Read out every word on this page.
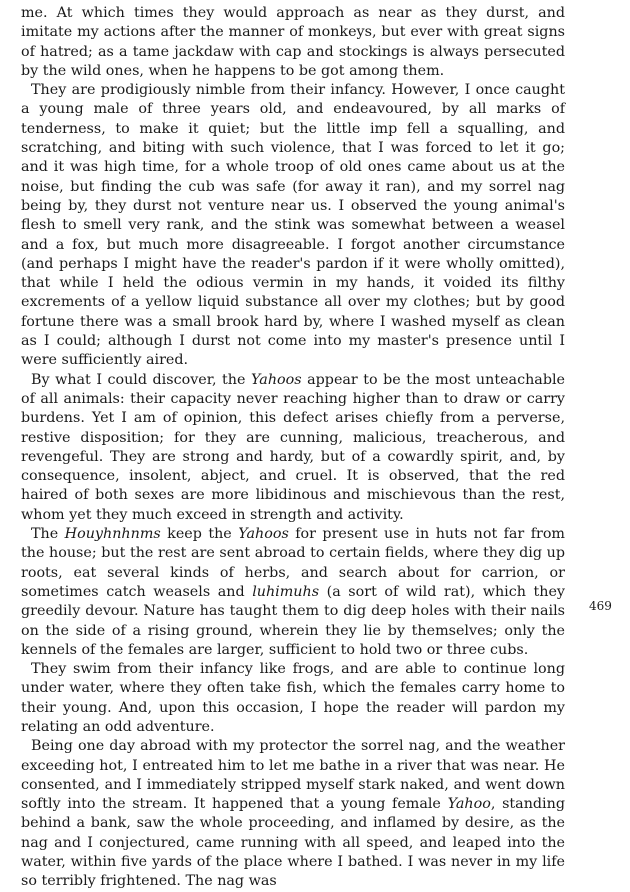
me. At which times they would approach as near as they durst, and imitate my actions after the manner of monkeys, but ever with great signs of hatred; as a tame jackdaw with cap and stockings is always persecuted by the wild ones, when he happens to be got among them.

They are prodigiously nimble from their infancy. However, I once caught a young male of three years old, and endeavoured, by all marks of tenderness, to make it quiet; but the little imp fell a squalling, and scratching, and biting with such violence, that I was forced to let it go; and it was high time, for a whole troop of old ones came about us at the noise, but finding the cub was safe (for away it ran), and my sorrel nag being by, they durst not venture near us. I observed the young animal's flesh to smell very rank, and the stink was somewhat between a weasel and a fox, but much more disagreeable. I forgot another circumstance (and perhaps I might have the reader's pardon if it were wholly omitted), that while I held the odious vermin in my hands, it voided its filthy excrements of a yellow liquid substance all over my clothes; but by good fortune there was a small brook hard by, where I washed myself as clean as I could; although I durst not come into my master's presence until I were sufficiently aired.

By what I could discover, the Yahoos appear to be the most unteachable of all animals: their capacity never reaching higher than to draw or carry burdens. Yet I am of opinion, this defect arises chiefly from a perverse, restive disposition; for they are cunning, malicious, treacherous, and revengeful. They are strong and hardy, but of a cowardly spirit, and, by consequence, insolent, abject, and cruel. It is observed, that the red haired of both sexes are more libidinous and mischievous than the rest, whom yet they much exceed in strength and activity.

The Houyhnhnms keep the Yahoos for present use in huts not far from the house; but the rest are sent abroad to certain fields, where they dig up roots, eat several kinds of herbs, and search about for carrion, or sometimes catch weasels and luhimuhs (a sort of wild rat), which they greedily devour. Nature has taught them to dig deep holes with their nails on the side of a rising ground, wherein they lie by themselves; only the kennels of the females are larger, sufficient to hold two or three cubs.

They swim from their infancy like frogs, and are able to continue long under water, where they often take fish, which the females carry home to their young. And, upon this occasion, I hope the reader will pardon my relating an odd adventure.

Being one day abroad with my protector the sorrel nag, and the weather exceeding hot, I entreated him to let me bathe in a river that was near. He consented, and I immediately stripped myself stark naked, and went down softly into the stream. It happened that a young female Yahoo, standing behind a bank, saw the whole proceeding, and inflamed by desire, as the nag and I conjectured, came running with all speed, and leaped into the water, within five yards of the place where I bathed. I was never in my life so terribly frightened. The nag was

469
